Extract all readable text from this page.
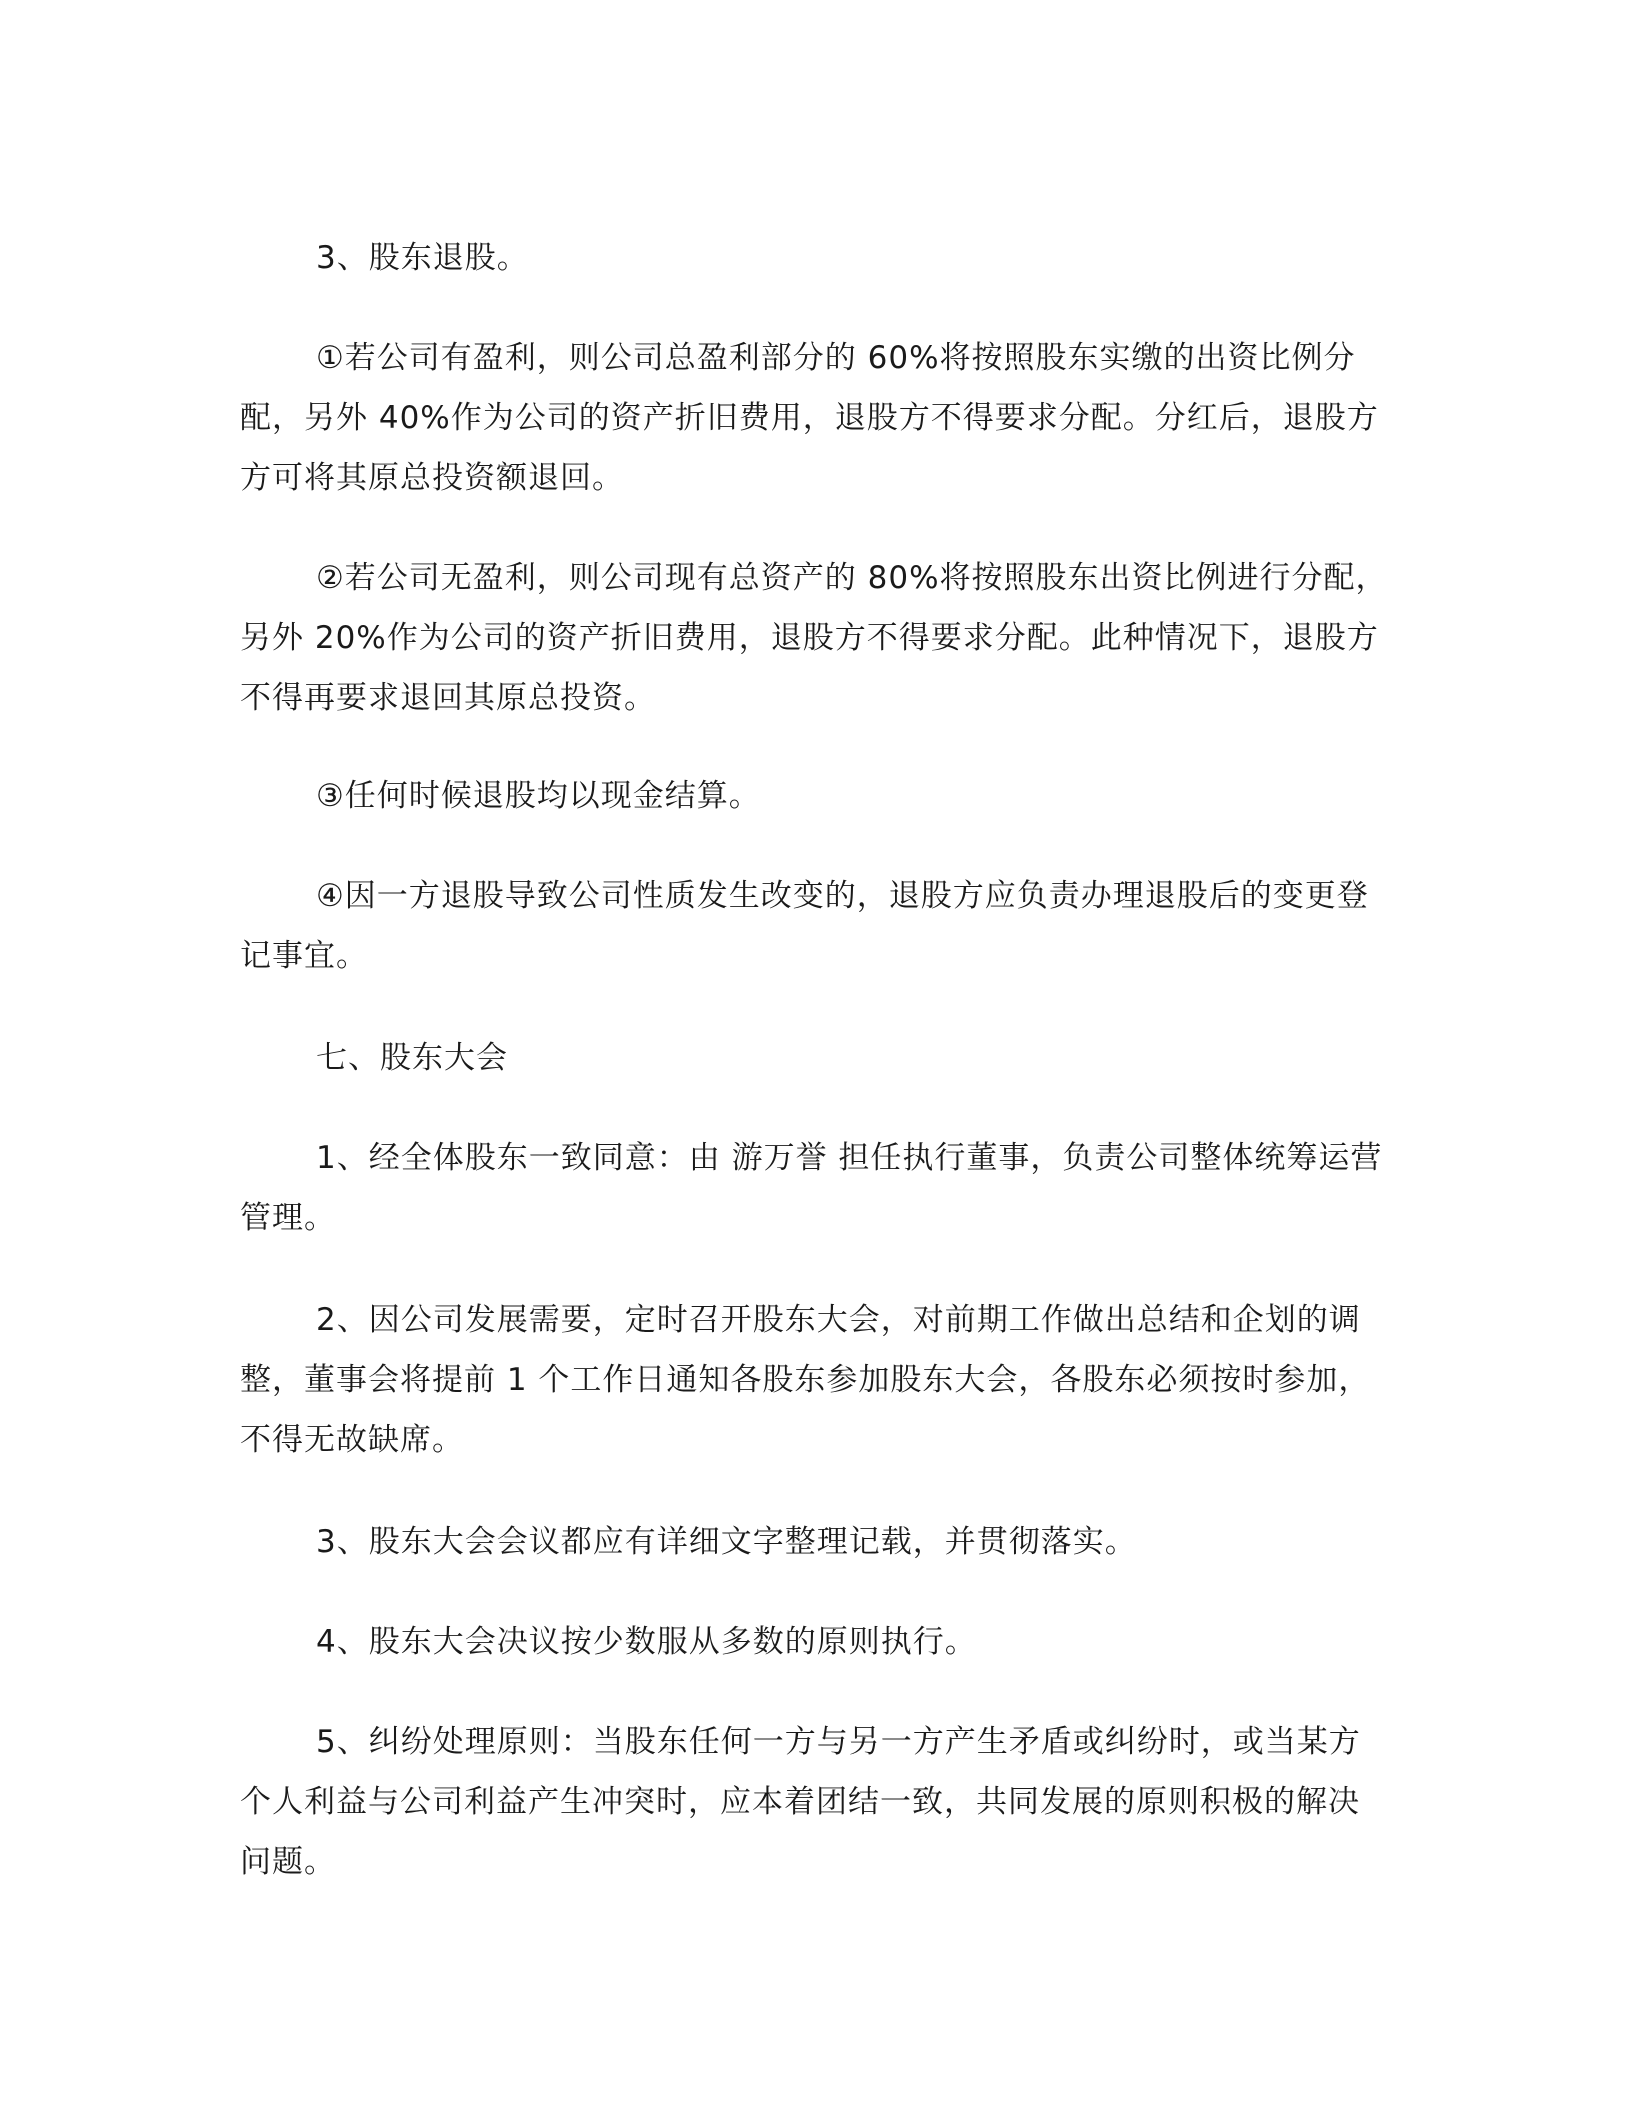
3、股东退股。

①若公司有盈利，则公司总盈利部分的 60%将按照股东实缴的出资比例分配，另外 40%作为公司的资产折旧费用，退股方不得要求分配。分红后，退股方方可将其原总投资额退回。

②若公司无盈利，则公司现有总资产的 80%将按照股东出资比例进行分配，另外 20%作为公司的资产折旧费用，退股方不得要求分配。此种情况下，退股方不得再要求退回其原总投资。

③任何时候退股均以现金结算。

④因一方退股导致公司性质发生改变的，退股方应负责办理退股后的变更登记事宜。

七、股东大会

1、经全体股东一致同意：由 游万誉 担任执行董事，负责公司整体统筹运营管理。

2、因公司发展需要，定时召开股东大会，对前期工作做出总结和企划的调整，董事会将提前 1 个工作日通知各股东参加股东大会，各股东必须按时参加，不得无故缺席。

3、股东大会会议都应有详细文字整理记载，并贯彻落实。

4、股东大会决议按少数服从多数的原则执行。

5、纠纷处理原则：当股东任何一方与另一方产生矛盾或纠纷时，或当某方个人利益与公司利益产生冲突时，应本着团结一致，共同发展的原则积极的解决问题。
